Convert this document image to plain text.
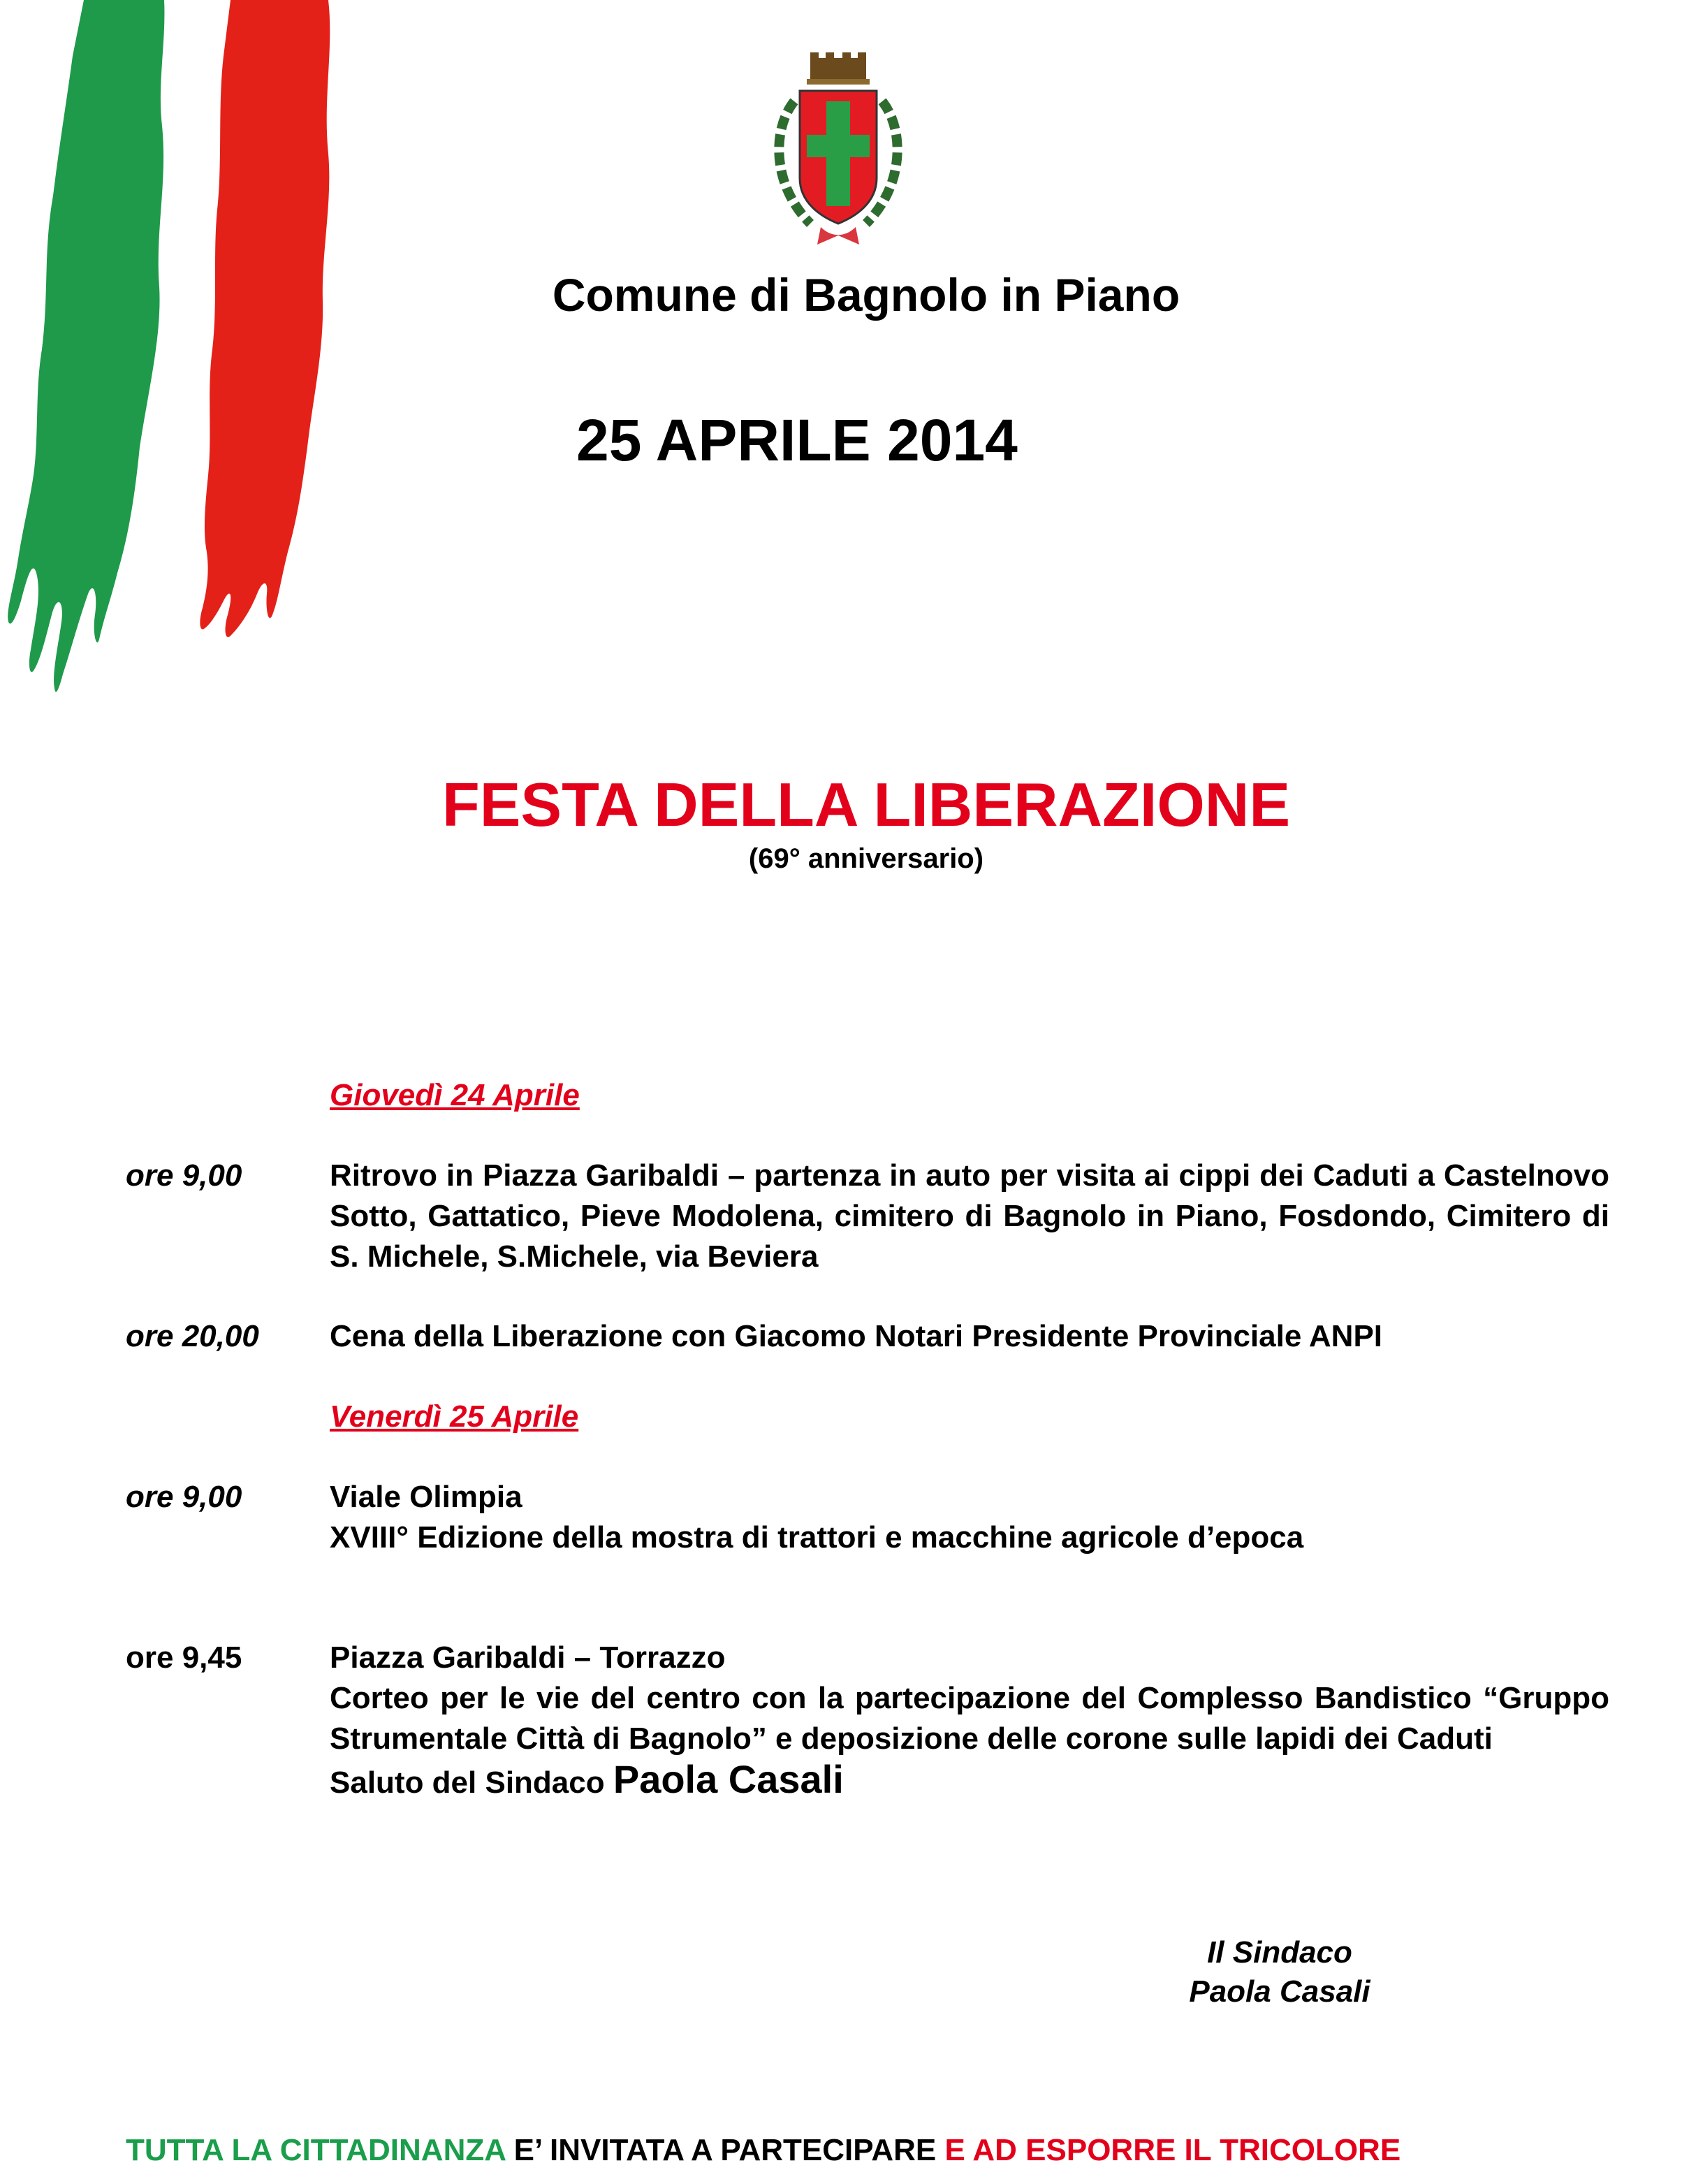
Comune di Bagnolo in Piano
25 APRILE 2014
FESTA DELLA LIBERAZIONE
(69° anniversario)
Giovedì 24 Aprile
ore 9,00	Ritrovo in Piazza Garibaldi – partenza in auto per visita ai cippi dei Caduti a Castelnovo Sotto, Gattatico, Pieve Modolena, cimitero di Bagnolo in Piano, Fosdondo, Cimitero di S. Michele, S.Michele, via Beviera
ore 20,00 Cena della Liberazione con Giacomo Notari Presidente Provinciale ANPI
Venerdì 25 Aprile
ore 9,00	Viale Olimpia
XVIII° Edizione della mostra di trattori e macchine agricole d’epoca
ore 9,45	Piazza Garibaldi – Torrazzo
Corteo per le vie del centro con la partecipazione del Complesso Bandistico “Gruppo Strumentale Città di Bagnolo” e deposizione delle corone sulle lapidi dei Caduti
Saluto del Sindaco Paola Casali
Il Sindaco
Paola Casali
TUTTA LA CITTADINANZA E’ INVITATA A PARTECIPARE E AD ESPORRE IL TRICOLORE
